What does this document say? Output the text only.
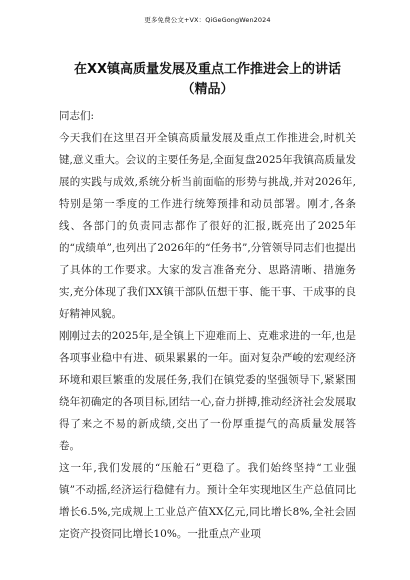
更多免费公文+VX：QiGeGongWen2024
在XX镇高质量发展及重点工作推进会上的讲话
（精品）

同志们:

今天我们在这里召开全镇高质量发展及重点工作推进会,时机关键,意义重大。会议的主要任务是,全面复盘2025年我镇高质量发展的实践与成效,系统分析当前面临的形势与挑战,并对2026年,特别是第一季度的工作进行统筹预排和动员部署。刚才,各条线、各部门的负责同志都作了很好的汇报,既亮出了2025年的“成绩单”,也列出了2026年的“任务书”,分管领导同志们也提出了具体的工作要求。大家的发言准备充分、思路清晰、措施务实,充分体现了我们XX镇干部队伍想干事、能干事、干成事的良好精神风貌。

刚刚过去的2025年,是全镇上下迎难而上、克难求进的一年,也是各项事业稳中有进、硕果累累的一年。面对复杂严峻的宏观经济环境和艰巨繁重的发展任务,我们在镇党委的坚强领导下,紧紧围绕年初确定的各项目标,团结一心,奋力拼搏,推动经济社会发展取得了来之不易的新成绩,交出了一份厚重提气的高质量发展答卷。

这一年,我们发展的“压舱石”更稳了。我们始终坚持“工业强镇”不动摇,经济运行稳健有力。预计全年实现地区生产总值同比增长6.5%,完成规上工业总产值XX亿元,同比增长8%,全社会固定资产投资同比增长10%。一批重点产业项
